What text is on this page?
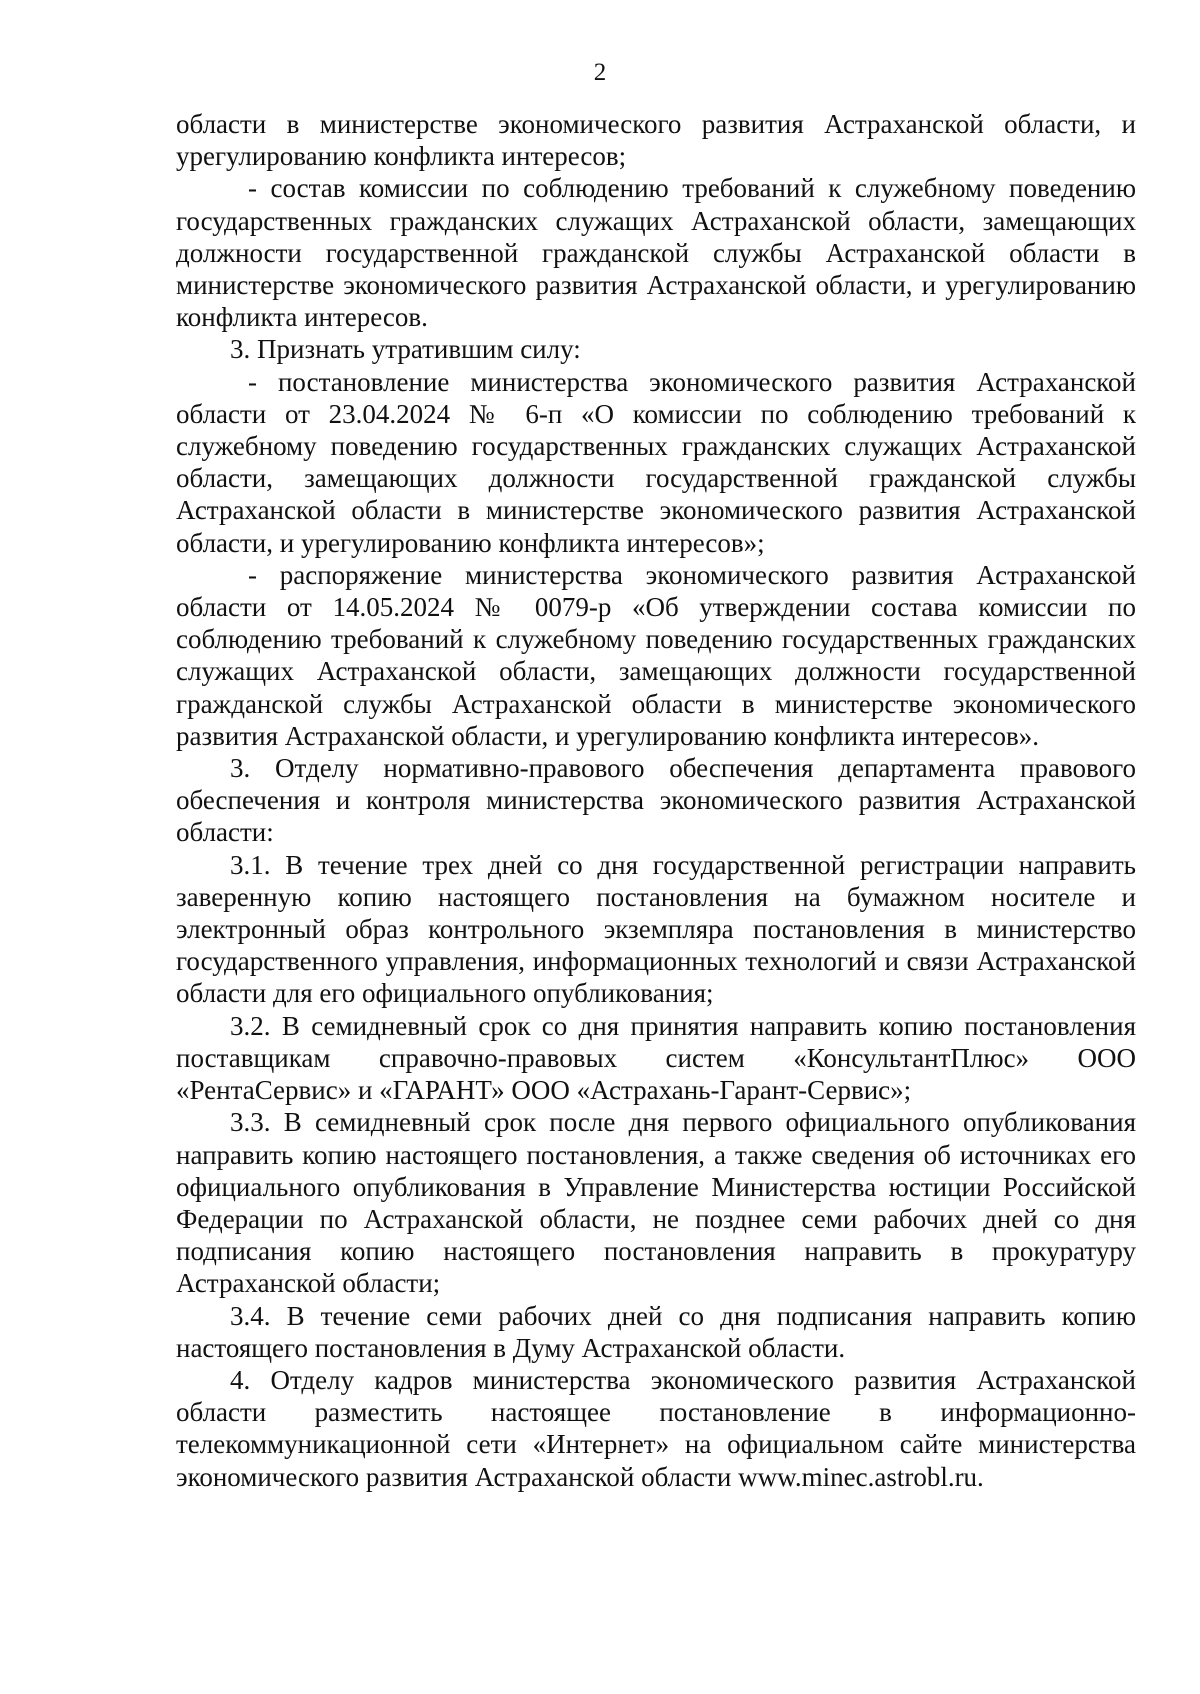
2

области в министерстве экономического развития Астраханской области, и урегулированию конфликта интересов;

- состав комиссии по соблюдению требований к служебному поведению государственных гражданских служащих Астраханской области, замещающих должности государственной гражданской службы Астраханской области в министерстве экономического развития Астраханской области, и урегулированию конфликта интересов.

3. Признать утратившим силу:

- постановление министерства экономического развития Астраханской области от 23.04.2024 № 6-п «О комиссии по соблюдению требований к служебному поведению государственных гражданских служащих Астраханской области, замещающих должности государственной гражданской службы Астраханской области в министерстве экономического развития Астраханской области, и урегулированию конфликта интересов»;

- распоряжение министерства экономического развития Астраханской области от 14.05.2024 № 0079-р «Об утверждении состава комиссии по соблюдению требований к служебному поведению государственных гражданских служащих Астраханской области, замещающих должности государственной гражданской службы Астраханской области в министерстве экономического развития Астраханской области, и урегулированию конфликта интересов».

3. Отделу нормативно-правового обеспечения департамента правового обеспечения и контроля министерства экономического развития Астраханской области:

3.1. В течение трех дней со дня государственной регистрации направить заверенную копию настоящего постановления на бумажном носителе и электронный образ контрольного экземпляра постановления в министерство государственного управления, информационных технологий и связи Астраханской области для его официального опубликования;

3.2. В семидневный срок со дня принятия направить копию постановления поставщикам справочно-правовых систем «КонсультантПлюс» ООО «РентаСервис» и «ГАРАНТ» ООО «Астрахань-Гарант-Сервис»;

3.3. В семидневный срок после дня первого официального опубликования направить копию настоящего постановления, а также сведения об источниках его официального опубликования в Управление Министерства юстиции Российской Федерации по Астраханской области, не позднее семи рабочих дней со дня подписания копию настоящего постановления направить в прокуратуру Астраханской области;

3.4. В течение семи рабочих дней со дня подписания направить копию настоящего постановления в Думу Астраханской области.

4. Отделу кадров министерства экономического развития Астраханской области разместить настоящее постановление в информационно-телекоммуникационной сети «Интернет» на официальном сайте министерства экономического развития Астраханской области www.minec.astrobl.ru.
